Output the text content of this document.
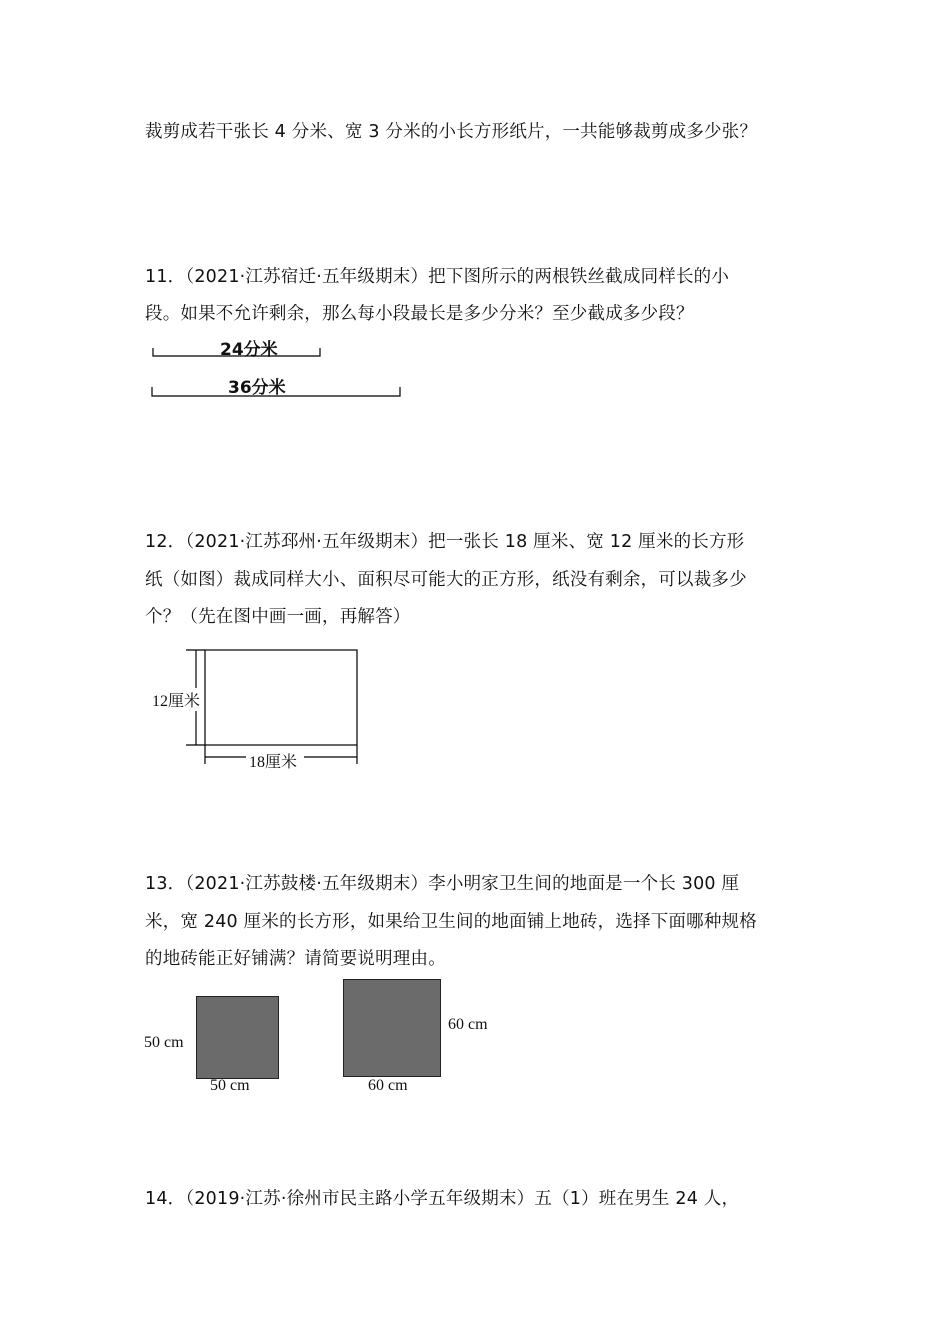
裁剪成若干张长 4 分米、宽 3 分米的小长方形纸片，一共能够裁剪成多少张？
11．（2021·江苏宿迁·五年级期末）把下图所示的两根铁丝截成同样长的小
段。如果不允许剩余，那么每小段最长是多少分米？至少截成多少段？
24分米
36分米
12．（2021·江苏邳州·五年级期末）把一张长 18 厘米、宽 12 厘米的长方形
纸（如图）裁成同样大小、面积尽可能大的正方形，纸没有剩余，可以裁多少
个？（先在图中画一画，再解答）
12厘米
18厘米
13．（2021·江苏鼓楼·五年级期末）李小明家卫生间的地面是一个长 300 厘
米，宽 240 厘米的长方形，如果给卫生间的地面铺上地砖，选择下面哪种规格
的地砖能正好铺满？请简要说明理由。
50 cm
50 cm
60 cm
60 cm
14．（2019·江苏·徐州市民主路小学五年级期末）五（1）班在男生 24 人，
